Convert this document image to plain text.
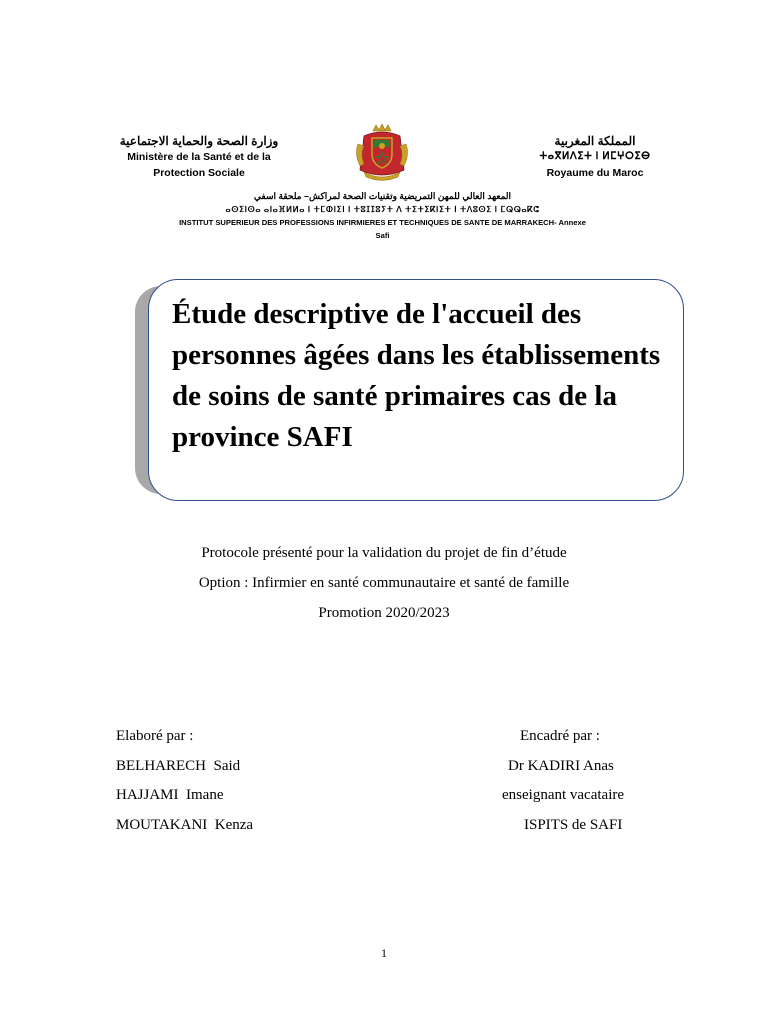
وزارة الصحة والحماية الاجتماعية
Ministère de la Santé et de la
Protection Sociale
المملكة المغربية
ⵜⴰⴳⵍⴷⵉⵜ ⵏ ⵍⵎⵖⵔⵉⴱ
Royaume du Maroc
المعهد العالي للمهن التمريضية وتقنيات الصحة لمراكش– ملحقة اسفي
ⴰⵙⵉⵏⵙⴰ ⴰⵏⴰⴼⵍⵍⴰ ⵏ ⵜⵎⵀⵏⵉⵏ ⵏ ⵜⵓⵊⵊⵓⵢⵜ ⴷ ⵜⵉⵜⵉⴽⵏⵉⵜ ⵏ ⵜⴷⵓⵙⵉ ⵏ ⵎⵕⵕⴰⴽⵛ
INSTITUT SUPERIEUR DES PROFESSIONS INFIRMIERES ET TECHNIQUES DE SANTE DE MARRAKECH- Annexe
Safi
Étude descriptive de l'accueil des personnes âgées dans les établissements de soins de santé primaires cas de la province SAFI
Protocole présenté pour la validation du projet de fin d’étude
Option : Infirmier en santé communautaire et santé de famille
Promotion 2020/2023
Elaboré par :
BELHARECH  Said
HAJJAMI  Imane
MOUTAKANI  Kenza
Encadré par :
Dr KADIRI Anas
enseignant vacataire
ISPITS de SAFI
1
